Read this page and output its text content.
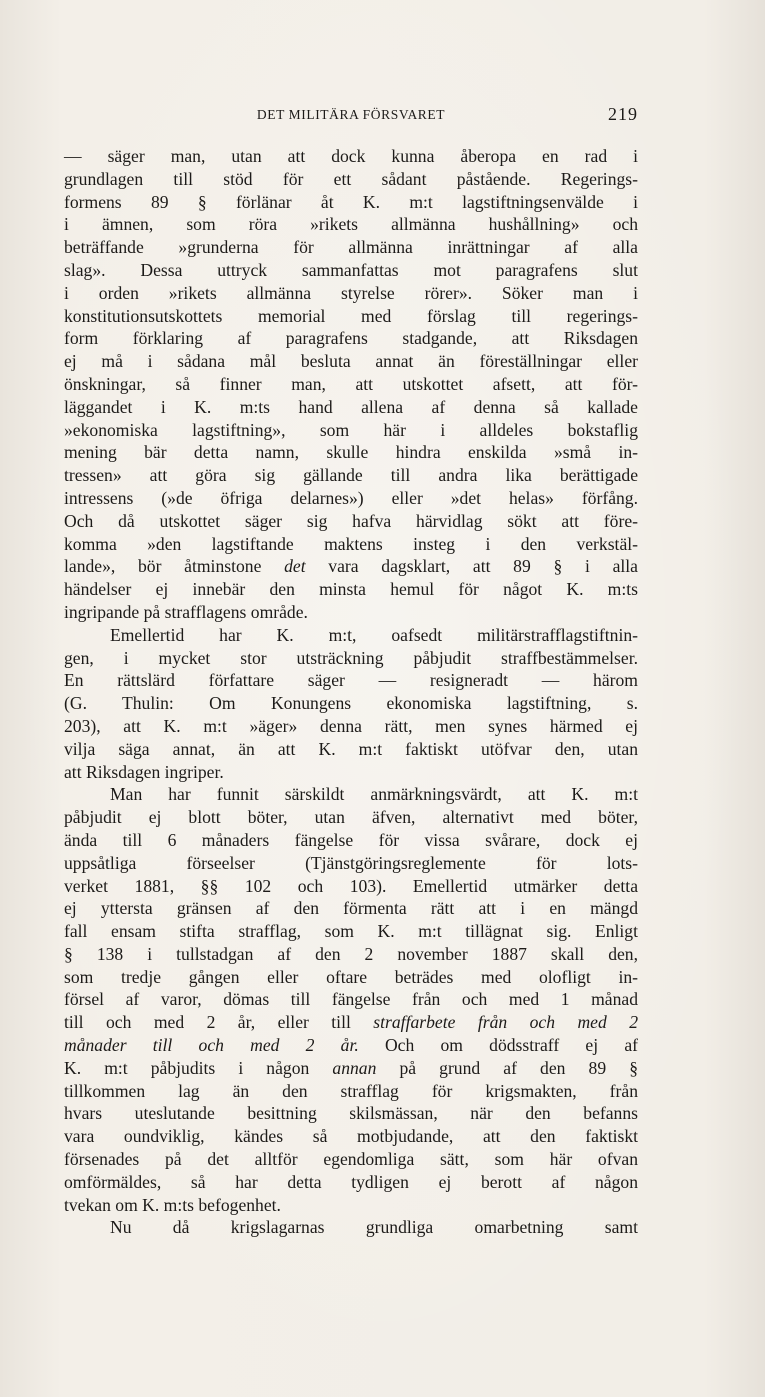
DET MILITÄRA FÖRSVARET	219
— säger man, utan att dock kunna åberopa en rad i
grundlagen till stöd för ett sådant påstående. Regerings-
formens 89 § förlänar åt K. m:t lagstiftningsenvälde i
i ämnen, som röra »rikets allmänna hushållning» och
beträffande »grunderna för allmänna inrättningar af alla
slag». Dessa uttryck sammanfattas mot paragrafens slut
i orden »rikets allmänna styrelse rörer». Söker man i
konstitutionsutskottets memorial med förslag till regerings-
form förklaring af paragrafens stadgande, att Riksdagen
ej må i sådana mål besluta annat än föreställningar eller
önskningar, så finner man, att utskottet afsett, att för-
läggandet i K. m:ts hand allena af denna så kallade
»ekonomiska lagstiftning», som här i alldeles bokstaflig
mening bär detta namn, skulle hindra enskilda »små in-
tressen» att göra sig gällande till andra lika berättigade
intressens (»de öfriga delarnes») eller »det helas» förfång.
Och då utskottet säger sig hafva härvidlag sökt att före-
komma »den lagstiftande maktens insteg i den verkstäl-
lande», bör åtminstone det vara dagsklart, att 89 § i alla
händelser ej innebär den minsta hemul för något K. m:ts
ingripande på strafflagens område.
Emellertid har K. m:t, oafsedt militärstrafflagstiftnin-
gen, i mycket stor utsträckning påbjudit straffbestämmelser.
En rättslärd författare säger — resigneradt — härom
(G. Thulin: Om Konungens ekonomiska lagstiftning, s.
203), att K. m:t »äger» denna rätt, men synes härmed ej
vilja säga annat, än att K. m:t faktiskt utöfvar den, utan
att Riksdagen ingriper.
Man har funnit särskildt anmärkningsvärdt, att K. m:t
påbjudit ej blott böter, utan äfven, alternativt med böter,
ända till 6 månaders fängelse för vissa svårare, dock ej
uppsåtliga förseelser (Tjänstgöringsreglemente för lots-
verket 1881, §§ 102 och 103). Emellertid utmärker detta
ej yttersta gränsen af den förmenta rätt att i en mängd
fall ensam stifta strafflag, som K. m:t tillägnat sig. Enligt
§ 138 i tullstadgan af den 2 november 1887 skall den,
som tredje gången eller oftare beträdes med olofligt in-
försel af varor, dömas till fängelse från och med 1 månad
till och med 2 år, eller till straffarbete från och med 2
månader till och med 2 år. Och om dödsstraff ej af
K. m:t påbjudits i någon annan på grund af den 89 §
tillkommen lag än den strafflag för krigsmakten, från
hvars uteslutande besittning skilsmässan, när den befanns
vara oundviklig, kändes så motbjudande, att den faktiskt
försenades på det alltför egendomliga sätt, som här ofvan
omförmäldes, så har detta tydligen ej berott af någon
tvekan om K. m:ts befogenhet.
Nu då krigslagarnas grundliga omarbetning samt
